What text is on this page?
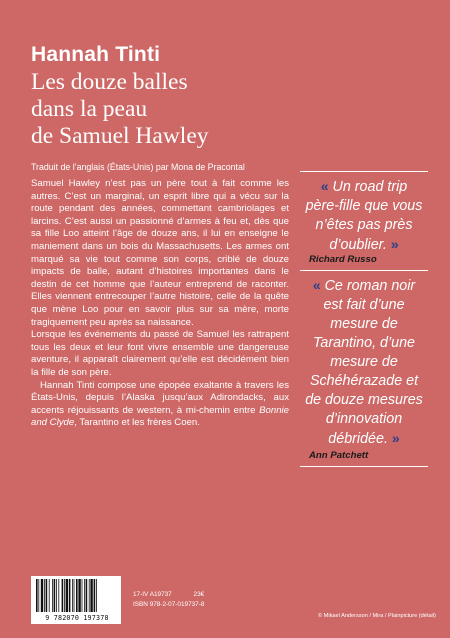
Hannah Tinti
Les douze balles
dans la peau
de Samuel Hawley

Traduit de l’anglais (États-Unis) par Mona de Pracontal

Samuel Hawley n’est pas un père tout à fait comme les autres. C’est un marginal, un esprit libre qui a vécu sur la route pendant des années, commettant cambriolages et larcins. C’est aussi un passionné d’armes à feu et, dès que sa fille Loo atteint l’âge de douze ans, il lui en enseigne le maniement dans un bois du Massachusetts. Les armes ont marqué sa vie tout comme son corps, criblé de douze impacts de balle, autant d’histoires importantes dans le destin de cet homme que l’auteur entreprend de raconter. Elles viennent entrecouper l’autre histoire, celle de la quête que mène Loo pour en savoir plus sur sa mère, morte tragiquement peu après sa naissance.

Lorsque les événements du passé de Samuel les rattrapent tous les deux et leur font vivre ensemble une dangereuse aventure, il apparaît clairement qu’elle est décidément bien la fille de son père.

Hannah Tinti compose une épopée exaltante à travers les États-Unis, depuis l’Alaska jusqu’aux Adirondacks, aux accents réjouissants de western, à mi-chemin entre Bonnie and Clyde, Tarantino et les frères Coen.

« Un road trip père-fille que vous n’êtes pas près d’oublier. »

Richard Russo

« Ce roman noir est fait d’une mesure de Tarantino, d’une mesure de Schéhérazade et de douze mesures d’innovation débridée. »

Ann Patchett

9 782070 197378
17-IV A19737	23€
ISBN 978-2-07-019737-8
© Mikael Andersson / Mira / Plainpicture (détail)
